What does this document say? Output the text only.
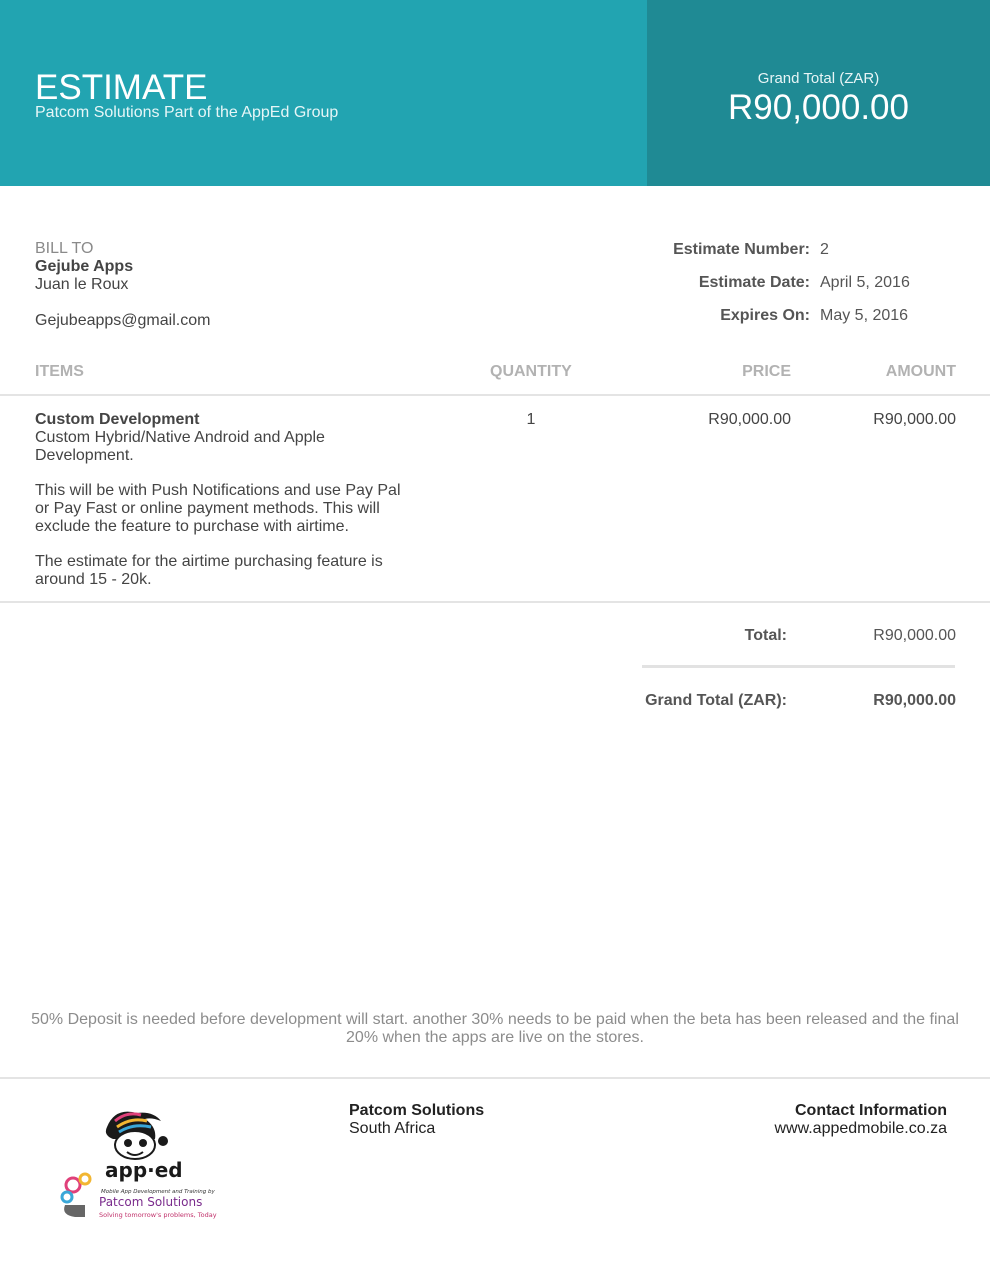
ESTIMATE
Patcom Solutions Part of the AppEd Group
Grand Total (ZAR)
R90,000.00
BILL TO
Gejube Apps
Juan le Roux
Gejubeapps@gmail.com
Estimate Number: 2
Estimate Date: April 5, 2016
Expires On: May 5, 2016
ITEMS	QUANTITY	PRICE	AMOUNT
Custom Development

Custom Hybrid/Native Android and Apple Development.

This will be with Push Notifications and use Pay Pal or Pay Fast or online payment methods. This will exclude the feature to purchase with airtime.

The estimate for the airtime purchasing feature is around 15 - 20k.

1	R90,000.00	R90,000.00
Total:	R90,000.00
Grand Total (ZAR):	R90,000.00
50% Deposit is needed before development will start. another 30% needs to be paid when the beta has been released and the final 20% when the apps are live on the stores.
app·ed
Mobile App Development and Training by
Patcom Solutions
Solving tomorrow's problems, Today
Patcom Solutions
South Africa
Contact Information
www.appedmobile.co.za
